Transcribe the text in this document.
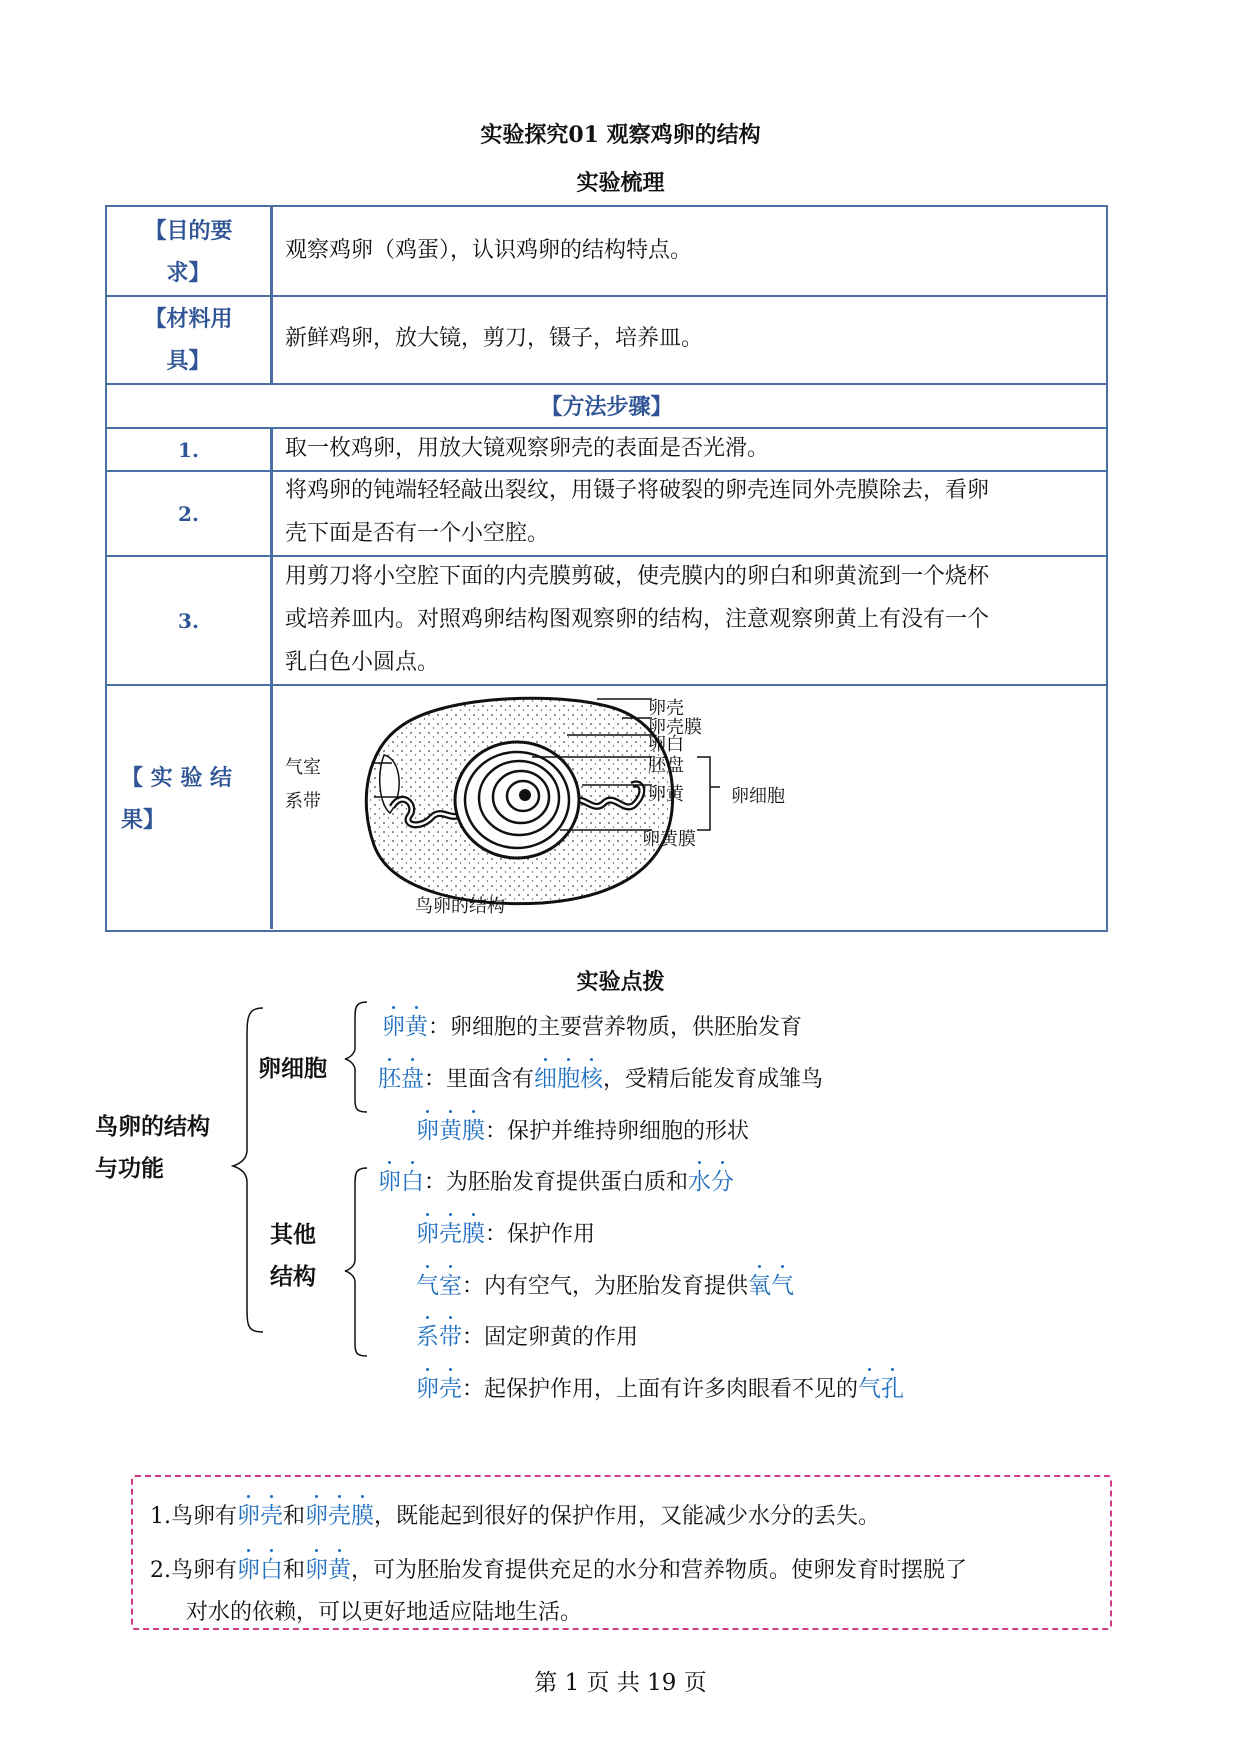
实验探究01 观察鸡卵的结构
实验梳理
【目的要
求】
观察鸡卵（鸡蛋），认识鸡卵的结构特点。
【材料用
具】
新鲜鸡卵，放大镜，剪刀，镊子，培养皿。
【方法步骤】
1.	取一枚鸡卵，用放大镜观察卵壳的表面是否光滑。
2.
将鸡卵的钝端轻轻敲出裂纹，用镊子将破裂的卵壳连同外壳膜除去，看卵
壳下面是否有一个小空腔。
3.
用剪刀将小空腔下面的内壳膜剪破，使壳膜内的卵白和卵黄流到一个烧杯
或培养皿内。对照鸡卵结构图观察卵的结构，注意观察卵黄上有没有一个
乳白色小圆点。
【 实 验 结
果】
卵壳
卵壳膜
卵白
胚盘
卵黄
卵黄膜
卵细胞
气室
系带
鸟卵的结构
实验点拨
鸟卵的结构
与功能
卵细胞
其他
结构
卵黄
：卵细胞的主要营养物质，供胚胎发育
胚盘
：里面含有细胞核
，受精后能发育成雏鸟
卵黄膜
：保护并维持卵细胞的形状
卵白
：为胚胎发育提供蛋白质和水分
卵壳膜
：保护作用
气室
：内有空气，为胚胎发育提供氧气
系带
：固定卵黄的作用
卵壳
：起保护作用，上面有许多肉眼看不见的气孔
1.鸟卵有卵壳
和卵壳膜
，既能起到很好的保护作用，又能减少水分的丢失。
2.鸟卵有卵白
和卵黄
，可为胚胎发育提供充足的水分和营养物质。使卵发育时摆脱了
对水的依赖，可以更好地适应陆地生活。
第 1 页 共 19 页
